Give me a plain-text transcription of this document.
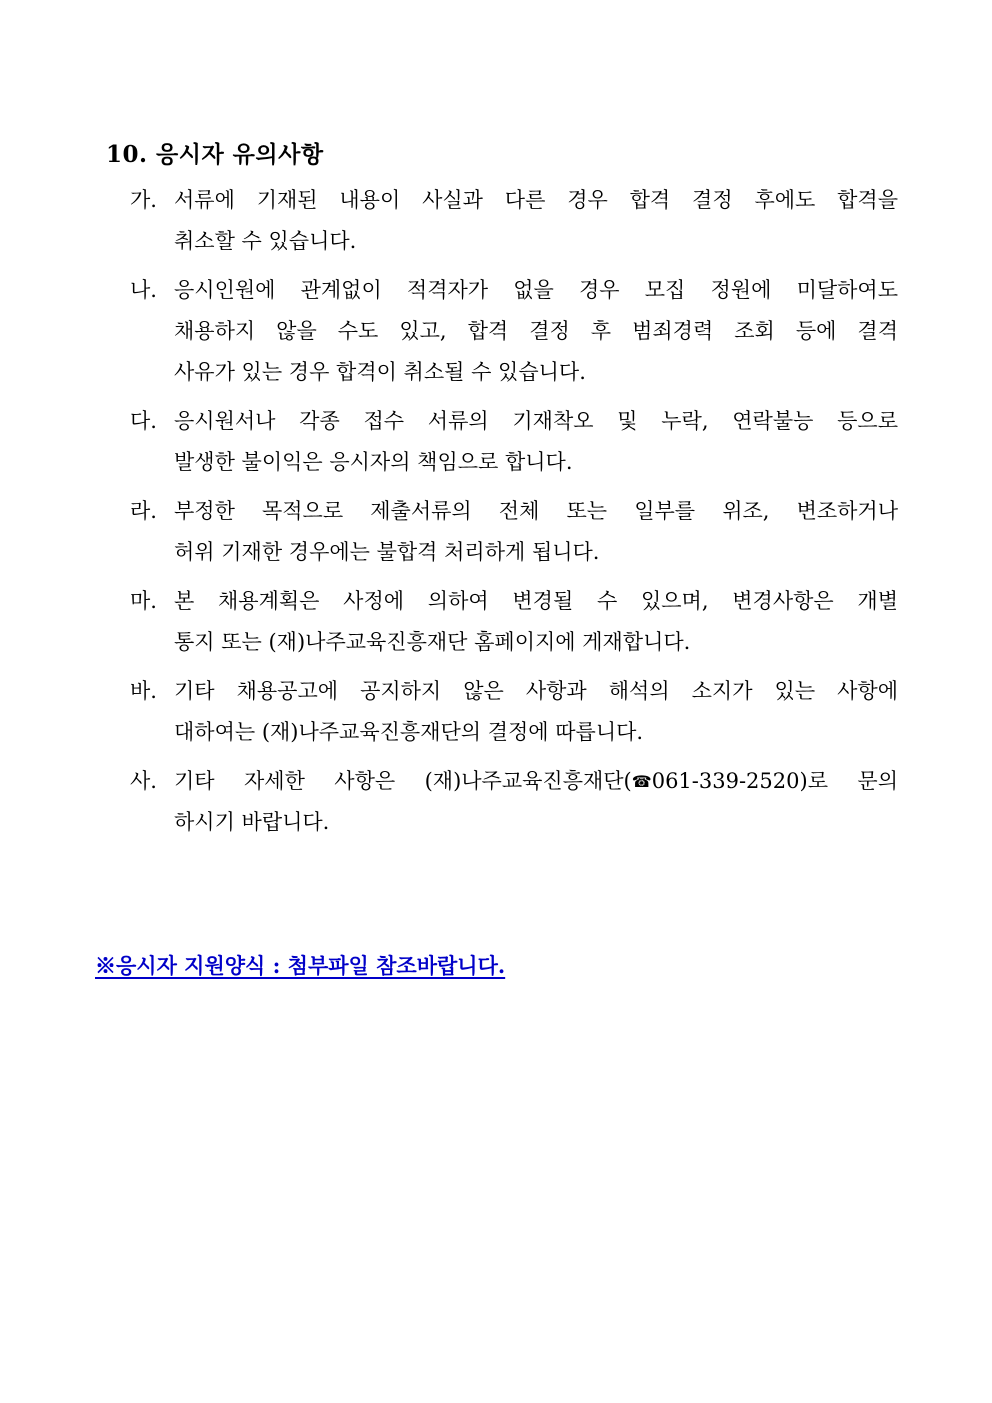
10. 응시자 유의사항
가. 서류에 기재된 내용이 사실과 다른 경우 합격 결정 후에도 합격을
취소할 수 있습니다.
나. 응시인원에 관계없이 적격자가 없을 경우 모집 정원에 미달하여도
채용하지 않을 수도 있고, 합격 결정 후 범죄경력 조회 등에 결격
사유가 있는 경우 합격이 취소될 수 있습니다.
다. 응시원서나 각종 접수 서류의 기재착오 및 누락, 연락불능 등으로
발생한 불이익은 응시자의 책임으로 합니다.
라. 부정한 목적으로 제출서류의 전체 또는 일부를 위조, 변조하거나
허위 기재한 경우에는 불합격 처리하게 됩니다.
마. 본 채용계획은 사정에 의하여 변경될 수 있으며, 변경사항은 개별
통지 또는 (재)나주교육진흥재단 홈페이지에 게재합니다.
바. 기타 채용공고에 공지하지 않은 사항과 해석의 소지가 있는 사항에
대하여는 (재)나주교육진흥재단의 결정에 따릅니다.
사. 기타 자세한 사항은 (재)나주교육진흥재단(☎061-339-2520)로 문의
하시기 바랍니다.

※응시자 지원양식 : 첨부파일 참조바랍니다.
